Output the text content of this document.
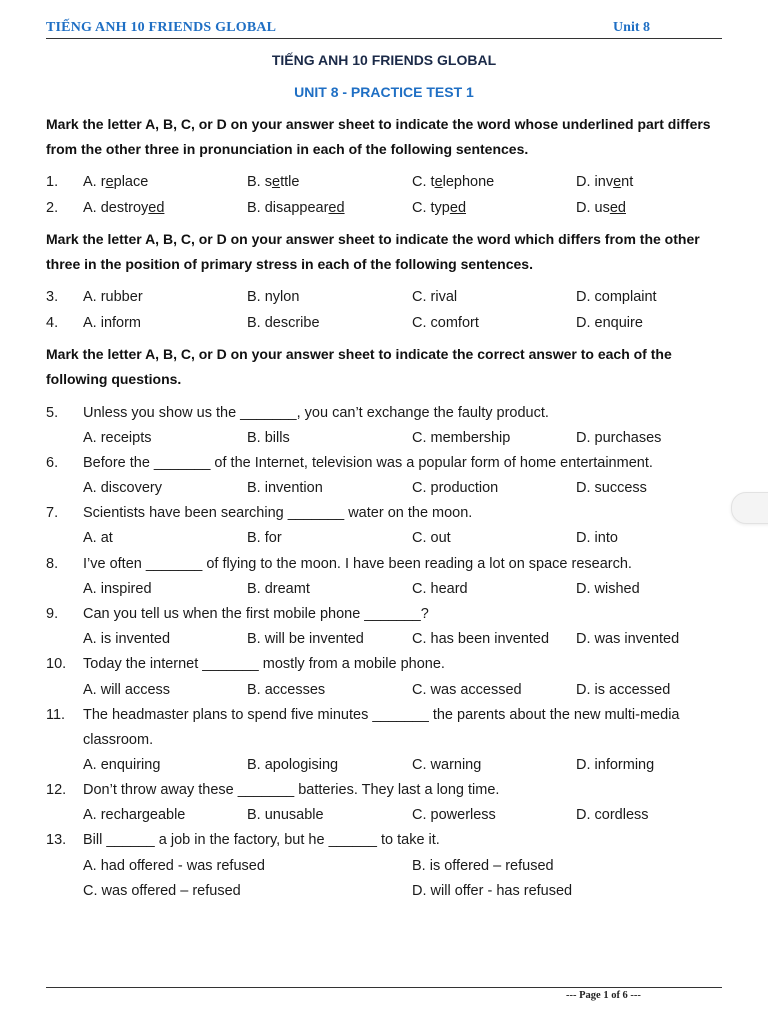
TIẾNG ANH 10 FRIENDS GLOBAL	Unit 8
TIẾNG ANH 10 FRIENDS GLOBAL
UNIT 8 - PRACTICE TEST 1
Mark the letter A, B, C, or D on your answer sheet to indicate the word whose underlined part differs from the other three in pronunciation in each of the following sentences.
1. A. replace	B. settle	C. telephone	D. invent
2. A. destroyed	B. disappeared	C. typed	D. used
Mark the letter A, B, C, or D on your answer sheet to indicate the word which differs from the other three in the position of primary stress in each of the following sentences.
3. A. rubber	B. nylon	C. rival	D. complaint
4. A. inform	B. describe	C. comfort	D. enquire
Mark the letter A, B, C, or D on your answer sheet to indicate the correct answer to each of the following questions.
5. Unless you show us the _______, you can’t exchange the faulty product.
A. receipts	B. bills	C. membership	D. purchases
6. Before the _______ of the Internet, television was a popular form of home entertainment.
A. discovery	B. invention	C. production	D. success
7. Scientists have been searching _______ water on the moon.
A. at	B. for	C. out	D. into
8. I’ve often _______ of flying to the moon. I have been reading a lot on space research.
A. inspired	B. dreamt	C. heard	D. wished
9. Can you tell us when the first mobile phone _______?
A. is invented	B. will be invented	C. has been invented D. was invented
10. Today the internet _______ mostly from a mobile phone.
A. will access	B. accesses	C. was accessed	D. is accessed
11. The headmaster plans to spend five minutes _______ the parents about the new multi-media
classroom.
A. enquiring	B. apologising	C. warning	D. informing
12. Don’t throw away these _______ batteries. They last a long time.
A. rechargeable	B. unusable	C. powerless	D. cordless
13. Bill ______ a job in the factory, but he ______ to take it.
A. had offered - was refused	B. is offered – refused
C. was offered – refused	D. will offer - has refused
--- Page 1 of 6 ---
